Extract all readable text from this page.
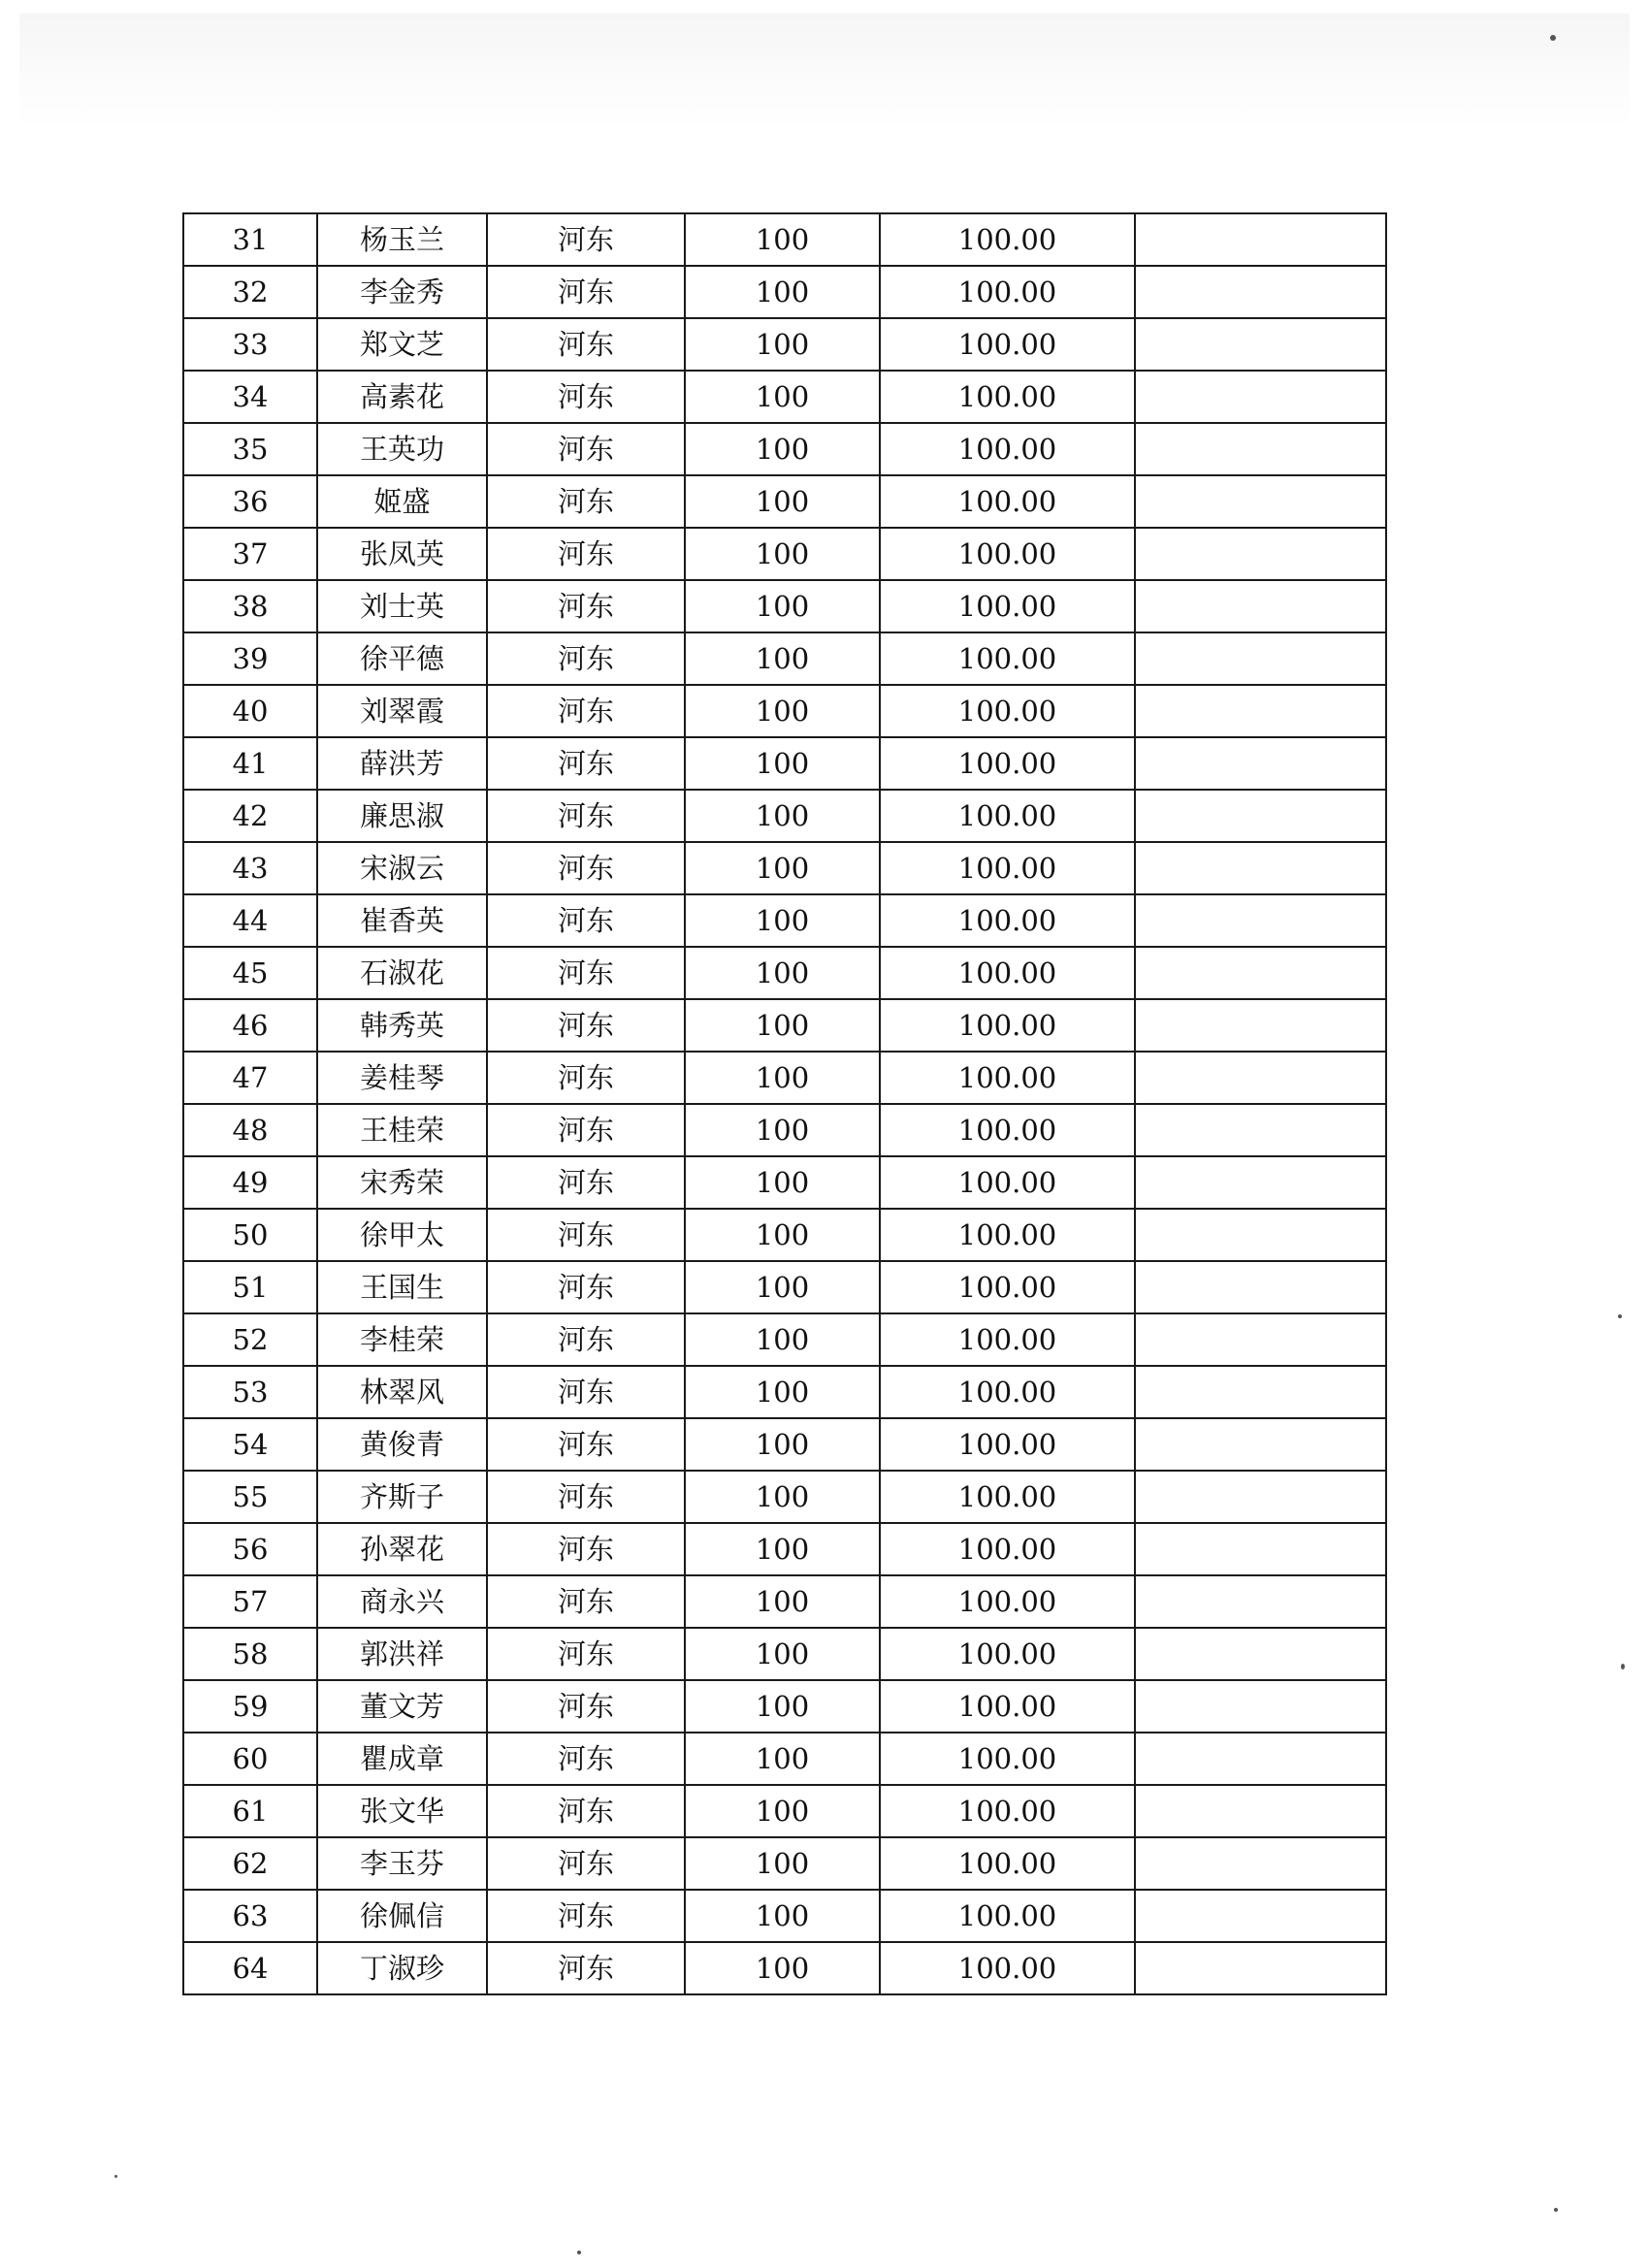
31	杨玉兰	河东	100	100.00	
32	李金秀	河东	100	100.00	
33	郑文芝	河东	100	100.00	
34	高素花	河东	100	100.00	
35	王英功	河东	100	100.00	
36	姬盛	河东	100	100.00	
37	张凤英	河东	100	100.00	
38	刘士英	河东	100	100.00	
39	徐平德	河东	100	100.00	
40	刘翠霞	河东	100	100.00	
41	薛洪芳	河东	100	100.00	
42	廉思淑	河东	100	100.00	
43	宋淑云	河东	100	100.00	
44	崔香英	河东	100	100.00	
45	石淑花	河东	100	100.00	
46	韩秀英	河东	100	100.00	
47	姜桂琴	河东	100	100.00	
48	王桂荣	河东	100	100.00	
49	宋秀荣	河东	100	100.00	
50	徐甲太	河东	100	100.00	
51	王国生	河东	100	100.00	
52	李桂荣	河东	100	100.00	
53	林翠风	河东	100	100.00	
54	黄俊青	河东	100	100.00	
55	齐斯子	河东	100	100.00	
56	孙翠花	河东	100	100.00	
57	商永兴	河东	100	100.00	
58	郭洪祥	河东	100	100.00	
59	董文芳	河东	100	100.00	
60	瞿成章	河东	100	100.00	
61	张文华	河东	100	100.00	
62	李玉芬	河东	100	100.00	
63	徐佩信	河东	100	100.00	
64	丁淑珍	河东	100	100.00	
